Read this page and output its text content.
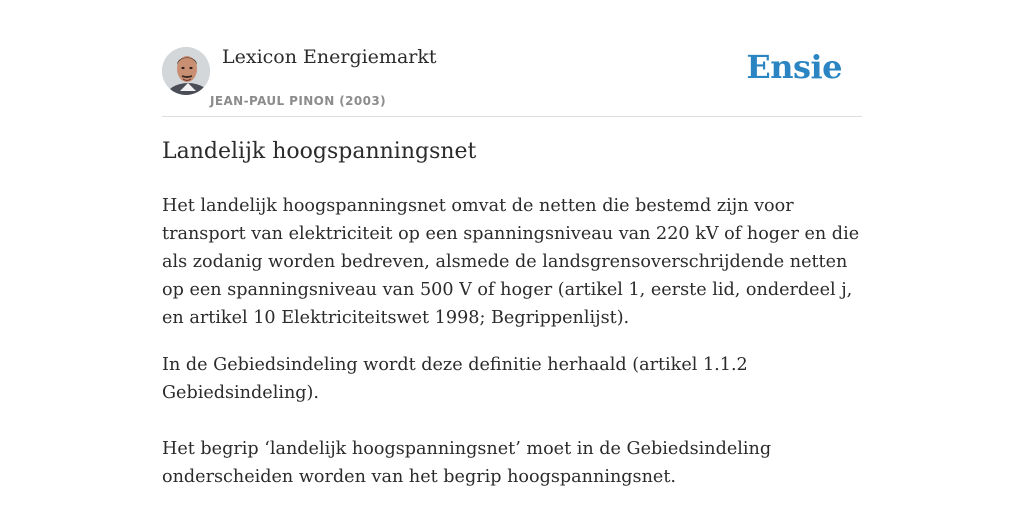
Lexicon Energiemarkt
JEAN-PAUL PINON (2003)
Ensie
Landelijk hoogspanningsnet

Het landelijk hoogspanningsnet omvat de netten die bestemd zijn voor transport van elektriciteit op een spanningsniveau van 220 kV of hoger en die als zodanig worden bedreven, alsmede de landsgrensoverschrijdende netten op een spanningsniveau van 500 V of hoger (artikel 1, eerste lid, onderdeel j, en artikel 10 Elektriciteitswet 1998; Begrippenlijst).

In de Gebiedsindeling wordt deze definitie herhaald (artikel 1.1.2 Gebiedsindeling).

Het begrip ‘landelijk hoogspanningsnet’ moet in de Gebiedsindeling onderscheiden worden van het begrip hoogspanningsnet.
